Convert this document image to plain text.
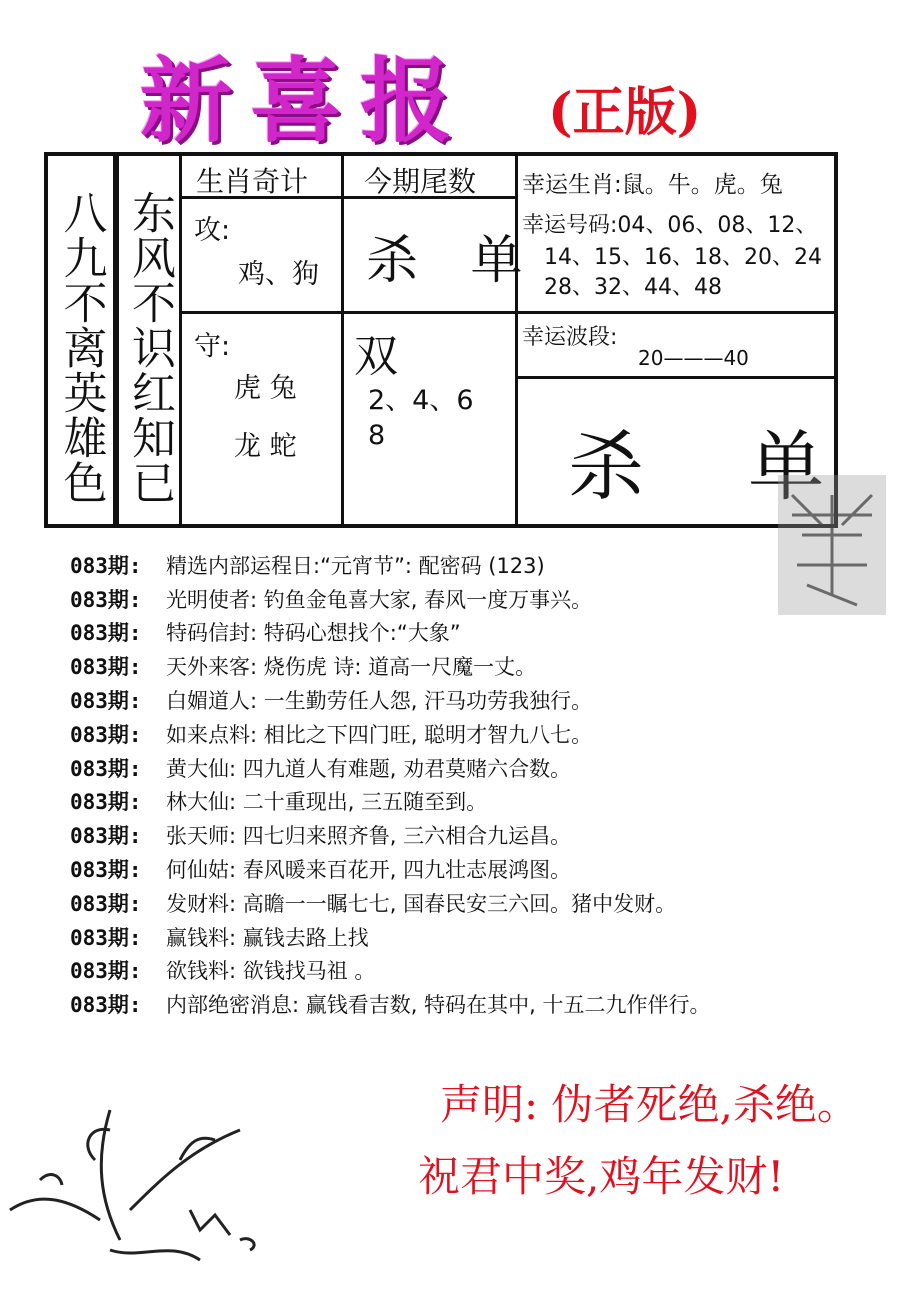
新喜报	(正版)
八九不离英雄色 东风不识红知已
生肖奇计
攻:
鸡、狗
守:
虎 兔
龙 蛇
今期尾数
杀 单
双
2、4、6
8
幸运生肖:鼠。牛。虎。兔
幸运号码:04、06、08、12、
14、15、16、18、20、24
28、32、44、48
幸运波段:
20———40
杀 单
083期:	精选内部运程日:“元宵节”: 配密码 (123)
083期:	光明使者: 钓鱼金龟喜大家, 春风一度万事兴。
083期:	特码信封: 特码心想找个:“大象”
083期:	天外来客: 烧伤虎 诗: 道高一尺魔一丈。
083期:	白媚道人: 一生勤劳任人怨, 汗马功劳我独行。
083期:	如来点料: 相比之下四门旺, 聪明才智九八七。
083期:	黄大仙: 四九道人有难题, 劝君莫赌六合数。
083期:	林大仙: 二十重现出, 三五随至到。
083期:	张天师: 四七归来照齐鲁, 三六相合九运昌。
083期:	何仙姑: 春风暖来百花开, 四九壮志展鸿图。
083期:	发财料: 高瞻一一瞩七七, 国春民安三六回。猪中发财。
083期:	赢钱料: 赢钱去路上找
083期:	欲钱料: 欲钱找马祖 。
083期:	内部绝密消息: 赢钱看吉数, 特码在其中, 十五二九作伴行。
声明: 伪者死绝,杀绝。
祝君中奖,鸡年发财!
